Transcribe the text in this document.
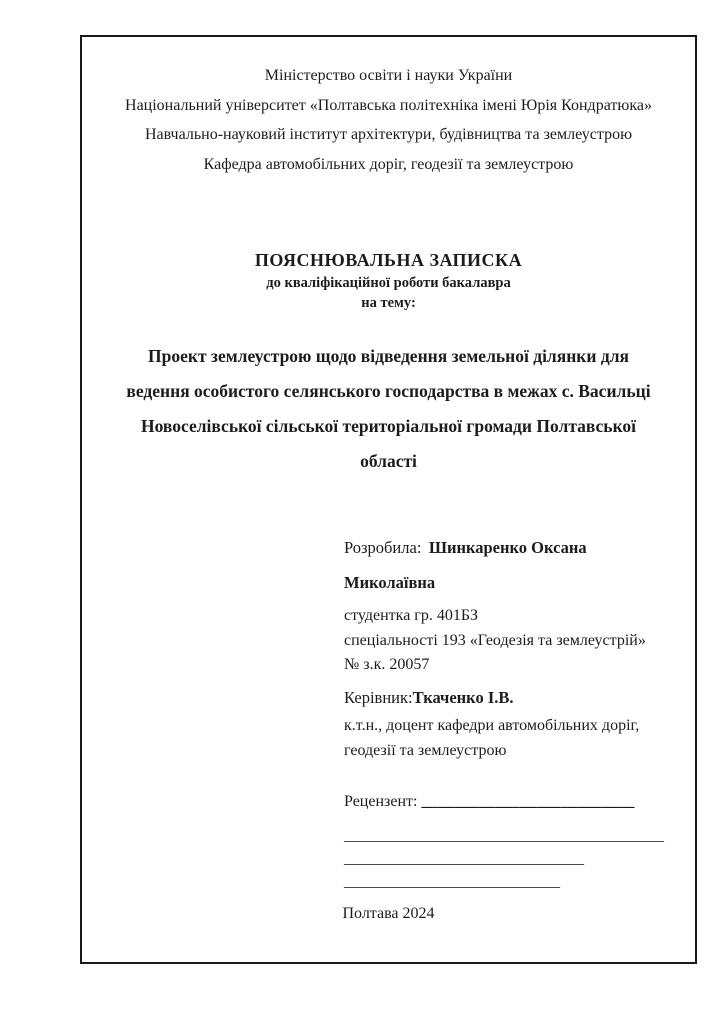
Міністерство освіти і науки України
Національний університет «Полтавська політехніка імені Юрія Кондратюка»
Навчально-науковий інститут архітектури, будівництва та землеустрою
Кафедра автомобільних доріг, геодезії та землеустрою
ПОЯСНЮВАЛЬНА ЗАПИСКА
до кваліфікаційної роботи бакалавра
на тему:
Проект землеустрою щодо відведення земельної ділянки для
ведення особистого селянського господарства в межах с. Васильці
Новоселівської сільської територіальної громади Полтавської
області
Розробила: Шинкаренко Оксана Миколаївна
студентка гр. 401БЗ
спеціальності 193 «Геодезія та землеустрій»
№ з.к. 20057
Керівник:Ткаченко І.В.
к.т.н., доцент кафедри автомобільних доріг, геодезії та землеустрою
Рецензент: __________________________
________________________________________
______________________________
___________________________
Полтава 2024
